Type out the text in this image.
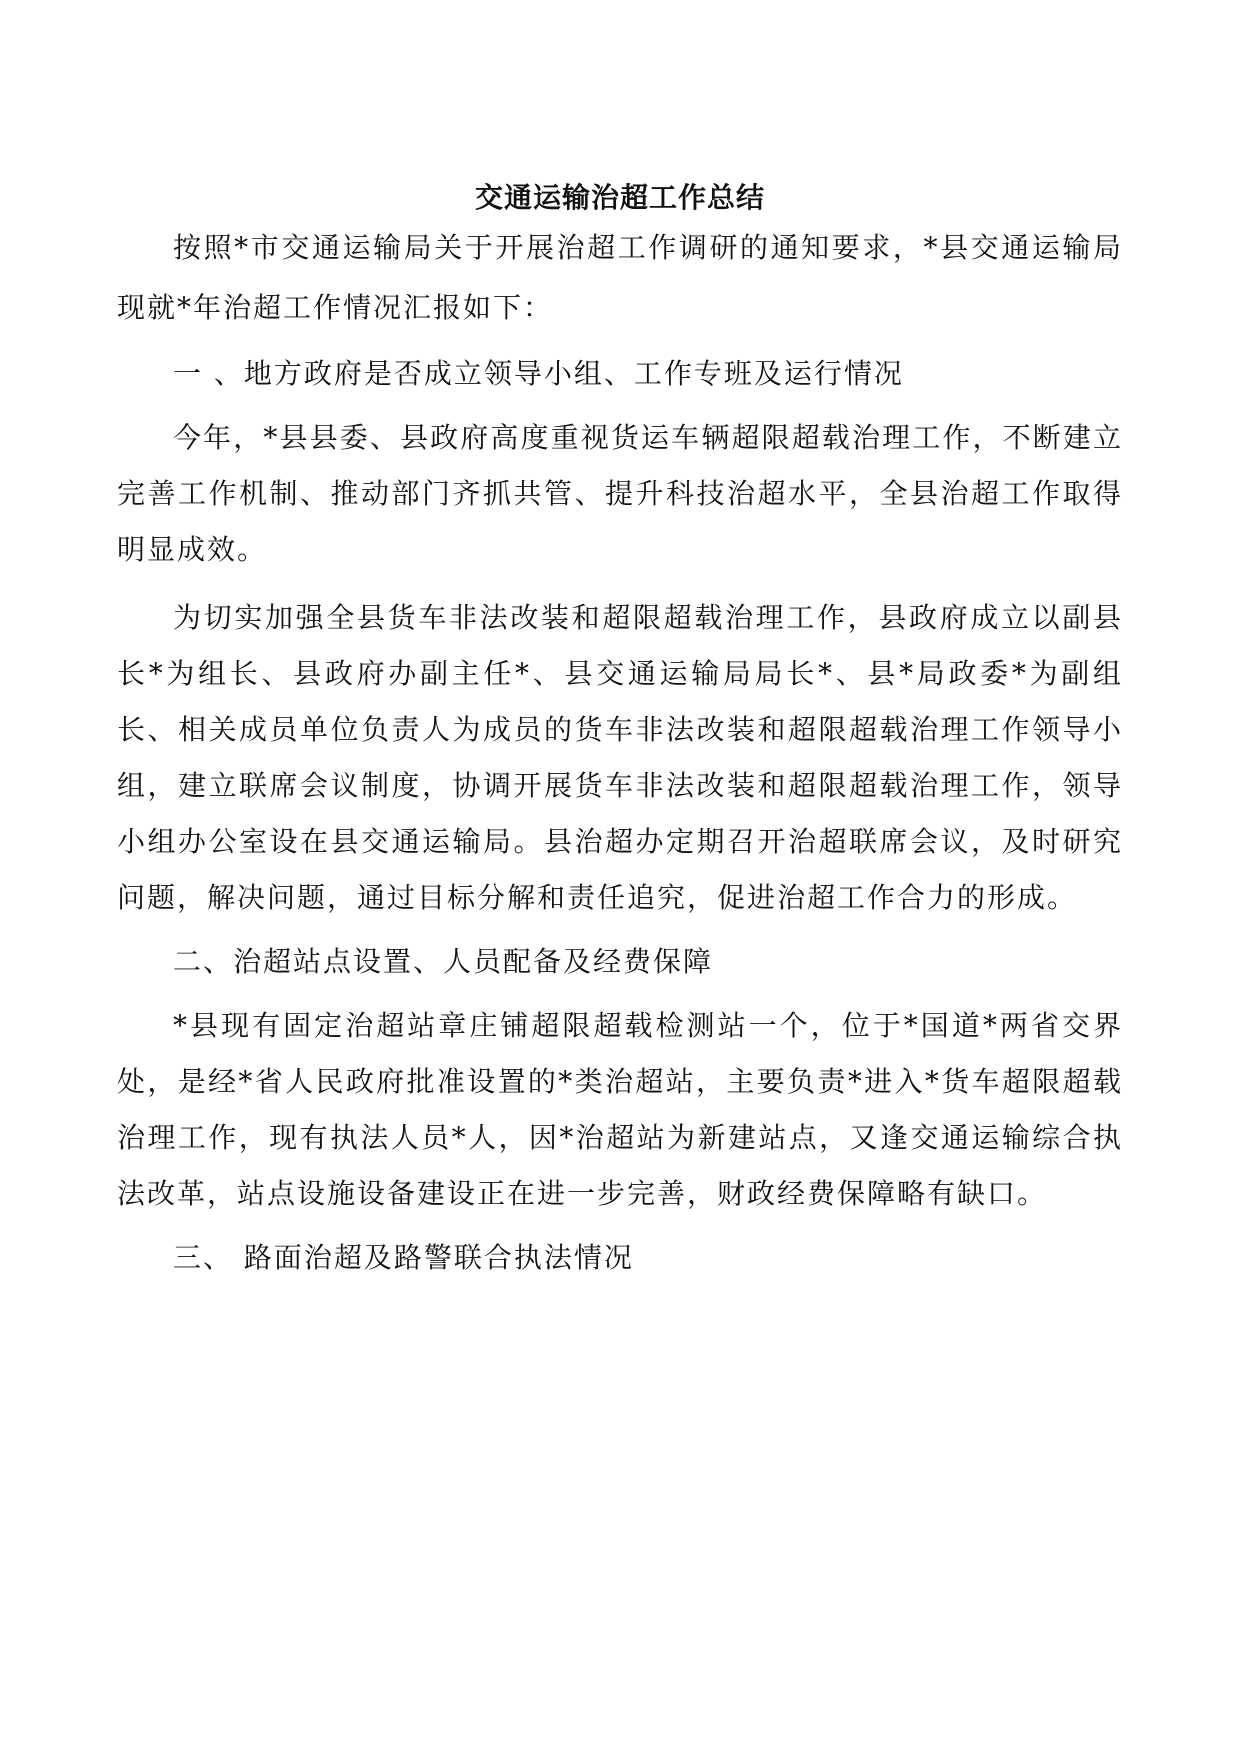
交通运输治超工作总结

按照*市交通运输局关于开展治超工作调研的通知要求，*县交通运输局现就*年治超工作情况汇报如下：

一 、地方政府是否成立领导小组、工作专班及运行情况

今年，*县县委、县政府高度重视货运车辆超限超载治理工作，不断建立完善工作机制、推动部门齐抓共管、提升科技治超水平，全县治超工作取得明显成效。

为切实加强全县货车非法改装和超限超载治理工作，县政府成立以副县长*为组长、县政府办副主任*、县交通运输局局长*、县*局政委*为副组长、相关成员单位负责人为成员的货车非法改装和超限超载治理工作领导小组，建立联席会议制度，协调开展货车非法改装和超限超载治理工作，领导小组办公室设在县交通运输局。县治超办定期召开治超联席会议，及时研究问题，解决问题，通过目标分解和责任追究，促进治超工作合力的形成。

二、治超站点设置、人员配备及经费保障

*县现有固定治超站章庄铺超限超载检测站一个，位于*国道*两省交界处，是经*省人民政府批准设置的*类治超站，主要负责*进入*货车超限超载治理工作，现有执法人员*人，因*治超站为新建站点，又逢交通运输综合执法改革，站点设施设备建设正在进一步完善，财政经费保障略有缺口。

三、 路面治超及路警联合执法情况
